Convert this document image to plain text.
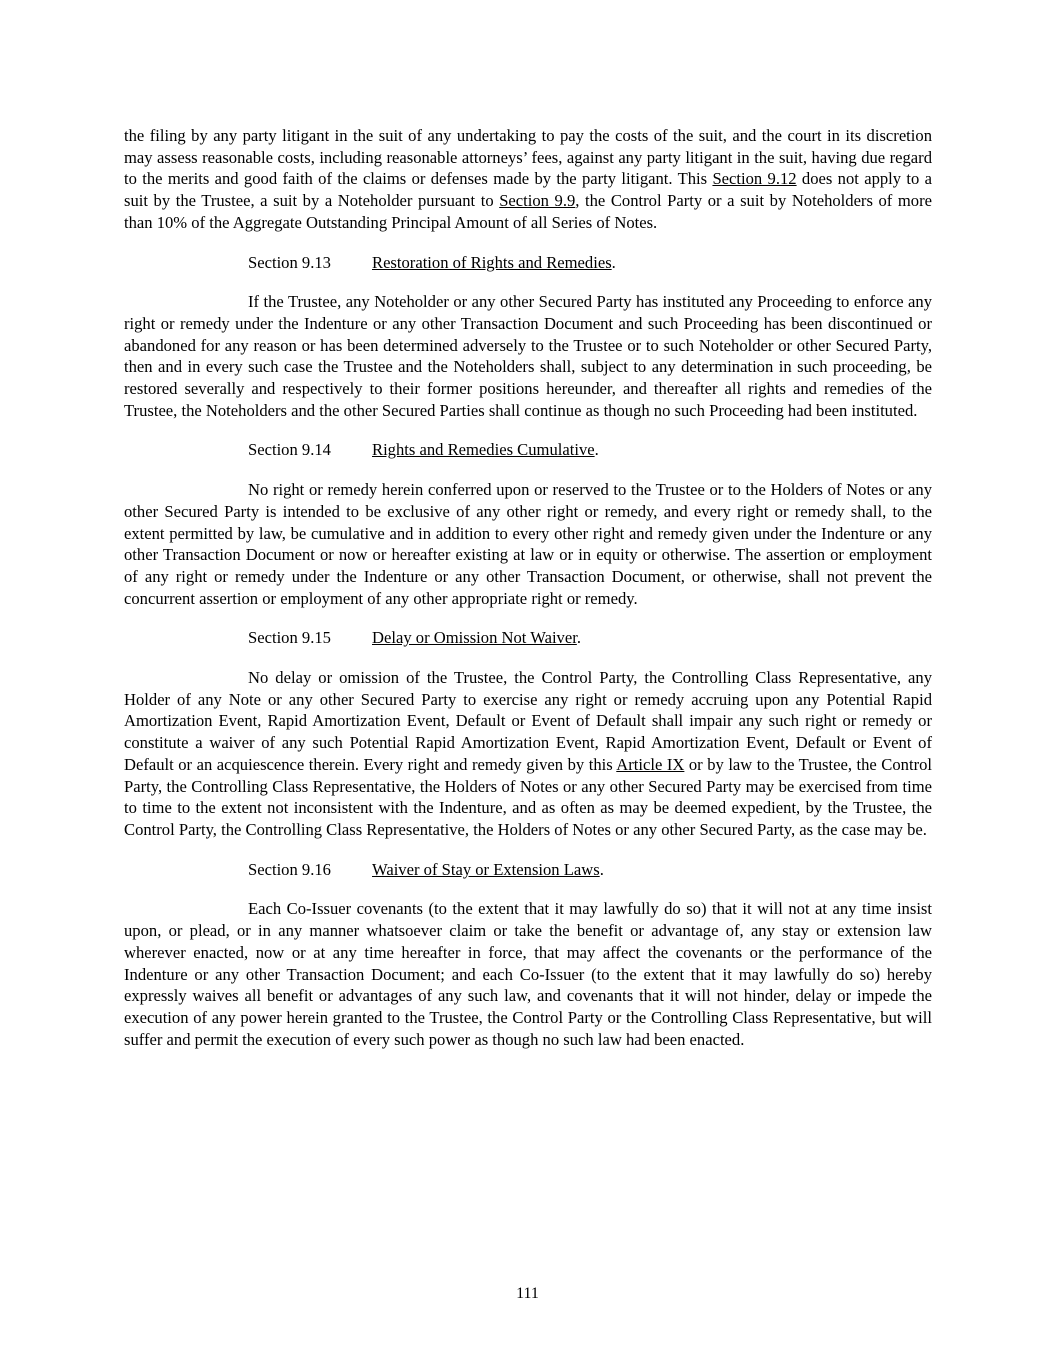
the filing by any party litigant in the suit of any undertaking to pay the costs of the suit, and the court in its discretion may assess reasonable costs, including reasonable attorneys’ fees, against any party litigant in the suit, having due regard to the merits and good faith of the claims or defenses made by the party litigant. This Section 9.12 does not apply to a suit by the Trustee, a suit by a Noteholder pursuant to Section 9.9, the Control Party or a suit by Noteholders of more than 10% of the Aggregate Outstanding Principal Amount of all Series of Notes.

Section 9.13 Restoration of Rights and Remedies.

If the Trustee, any Noteholder or any other Secured Party has instituted any Proceeding to enforce any right or remedy under the Indenture or any other Transaction Document and such Proceeding has been discontinued or abandoned for any reason or has been determined adversely to the Trustee or to such Noteholder or other Secured Party, then and in every such case the Trustee and the Noteholders shall, subject to any determination in such proceeding, be restored severally and respectively to their former positions hereunder, and thereafter all rights and remedies of the Trustee, the Noteholders and the other Secured Parties shall continue as though no such Proceeding had been instituted.

Section 9.14 Rights and Remedies Cumulative.

No right or remedy herein conferred upon or reserved to the Trustee or to the Holders of Notes or any other Secured Party is intended to be exclusive of any other right or remedy, and every right or remedy shall, to the extent permitted by law, be cumulative and in addition to every other right and remedy given under the Indenture or any other Transaction Document or now or hereafter existing at law or in equity or otherwise. The assertion or employment of any right or remedy under the Indenture or any other Transaction Document, or otherwise, shall not prevent the concurrent assertion or employment of any other appropriate right or remedy.

Section 9.15 Delay or Omission Not Waiver.

No delay or omission of the Trustee, the Control Party, the Controlling Class Representative, any Holder of any Note or any other Secured Party to exercise any right or remedy accruing upon any Potential Rapid Amortization Event, Rapid Amortization Event, Default or Event of Default shall impair any such right or remedy or constitute a waiver of any such Potential Rapid Amortization Event, Rapid Amortization Event, Default or Event of Default or an acquiescence therein. Every right and remedy given by this Article IX or by law to the Trustee, the Control Party, the Controlling Class Representative, the Holders of Notes or any other Secured Party may be exercised from time to time to the extent not inconsistent with the Indenture, and as often as may be deemed expedient, by the Trustee, the Control Party, the Controlling Class Representative, the Holders of Notes or any other Secured Party, as the case may be.

Section 9.16 Waiver of Stay or Extension Laws.

Each Co-Issuer covenants (to the extent that it may lawfully do so) that it will not at any time insist upon, or plead, or in any manner whatsoever claim or take the benefit or advantage of, any stay or extension law wherever enacted, now or at any time hereafter in force, that may affect the covenants or the performance of the Indenture or any other Transaction Document; and each Co-Issuer (to the extent that it may lawfully do so) hereby expressly waives all benefit or advantages of any such law, and covenants that it will not hinder, delay or impede the execution of any power herein granted to the Trustee, the Control Party or the Controlling Class Representative, but will suffer and permit the execution of every such power as though no such law had been enacted.

111
